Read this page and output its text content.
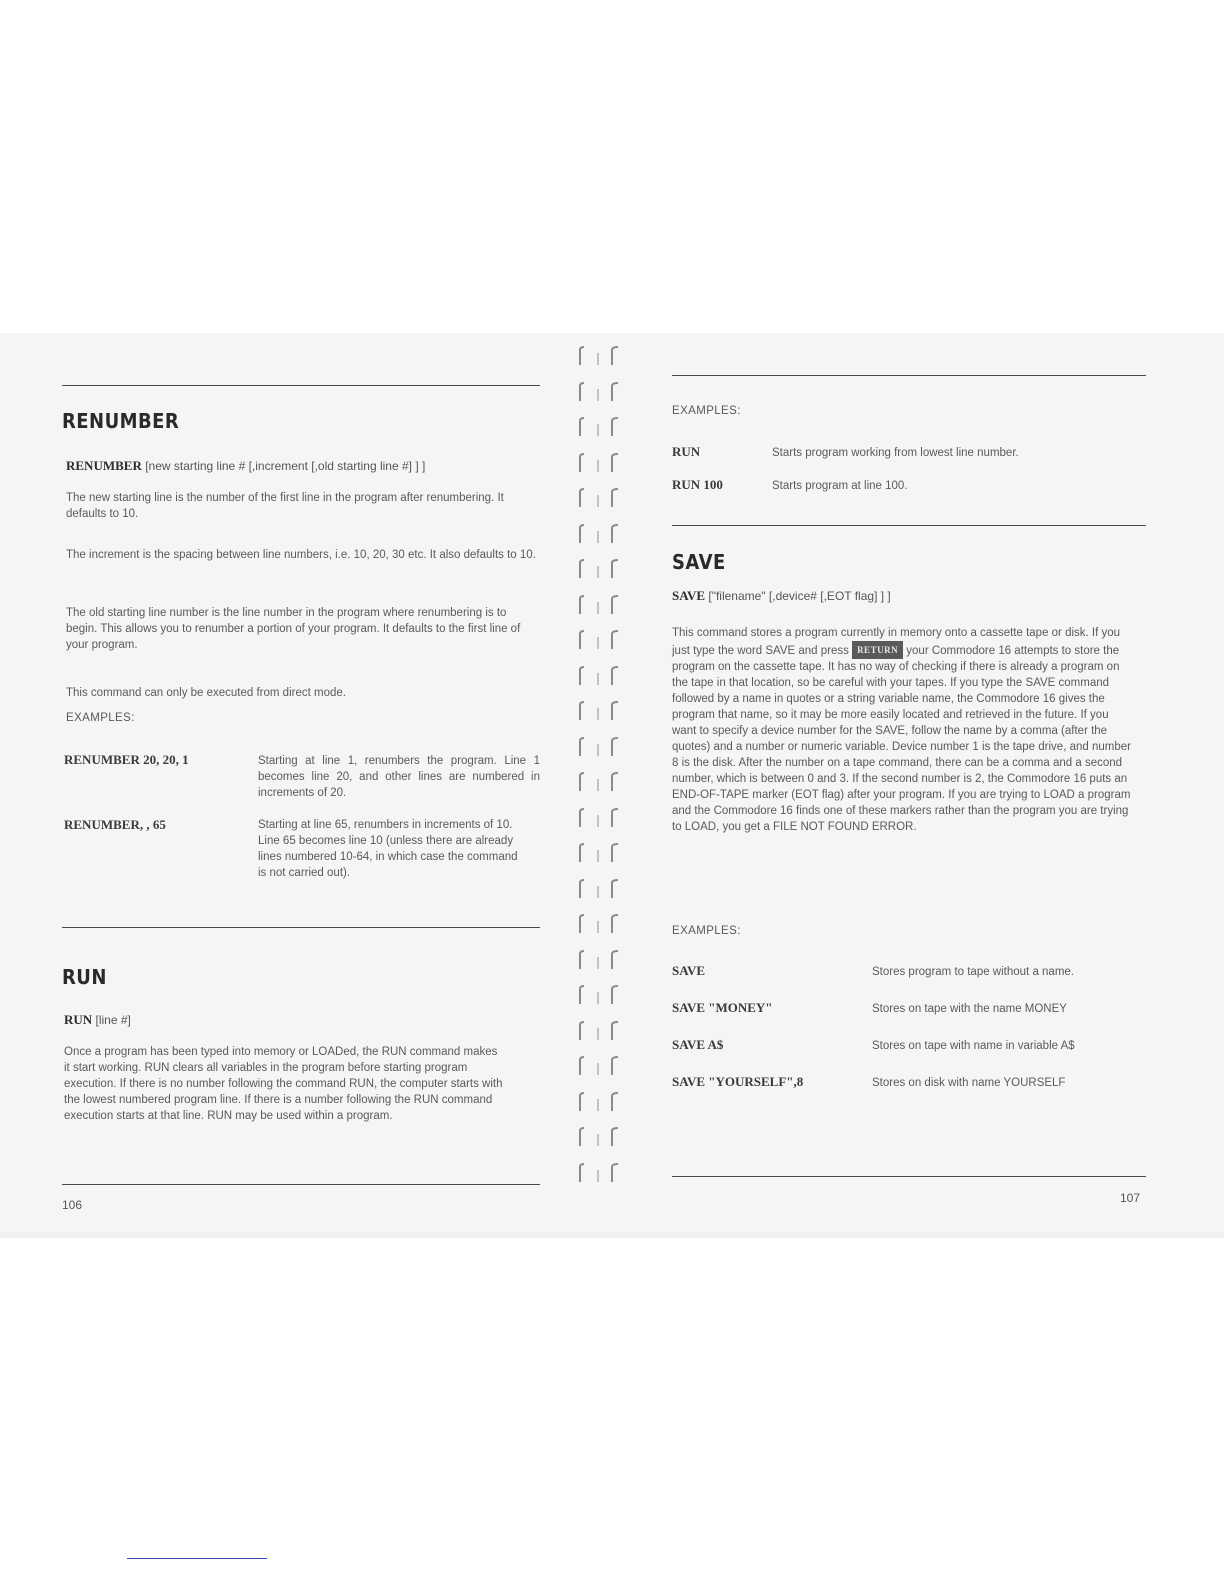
RENUMBER
RENUMBER [new starting line # [,increment [,old starting line #] ] ]
The new starting line is the number of the first line in the program after renumbering. It defaults to 10.
The increment is the spacing between line numbers, i.e. 10, 20, 30 etc. It also defaults to 10.
The old starting line number is the line number in the program where renumbering is to begin. This allows you to renumber a portion of your program. It defaults to the first line of your program.
This command can only be executed from direct mode.
EXAMPLES:
RENUMBER 20, 20, 1	Starting at line 1, renumbers the program. Line 1 becomes line 20, and other lines are numbered in increments of 20.
RENUMBER, , 65	Starting at line 65, renumbers in increments of 10. Line 65 becomes line 10 (unless there are already lines numbered 10-64, in which case the command is not carried out).
RUN
RUN [line #]
Once a program has been typed into memory or LOADed, the RUN command makes it start working. RUN clears all variables in the program before starting program execution. If there is no number following the command RUN, the computer starts with the lowest numbered program line. If there is a number following the RUN command execution starts at that line. RUN may be used within a program.
106
EXAMPLES:
RUN	Starts program working from lowest line number.
RUN 100	Starts program at line 100.
SAVE
SAVE ["filename" [,device# [,EOT flag] ] ]
This command stores a program currently in memory onto a cassette tape or disk. If you just type the word SAVE and press RETURN your Commodore 16 attempts to store the program on the cassette tape. It has no way of checking if there is already a program on the tape in that location, so be careful with your tapes. If you type the SAVE command followed by a name in quotes or a string variable name, the Commodore 16 gives the program that name, so it may be more easily located and retrieved in the future. If you want to specify a device number for the SAVE, follow the name by a comma (after the quotes) and a number or numeric variable. Device number 1 is the tape drive, and number 8 is the disk. After the number on a tape command, there can be a comma and a second number, which is between 0 and 3. If the second number is 2, the Commodore 16 puts an END-OF-TAPE marker (EOT flag) after your program. If you are trying to LOAD a program and the Commodore 16 finds one of these markers rather than the program you are trying to LOAD, you get a FILE NOT FOUND ERROR.
EXAMPLES:
SAVE	Stores program to tape without a name.
SAVE "MONEY"	Stores on tape with the name MONEY
SAVE A$	Stores on tape with name in variable A$
SAVE "YOURSELF",8	Stores on disk with name YOURSELF
107
